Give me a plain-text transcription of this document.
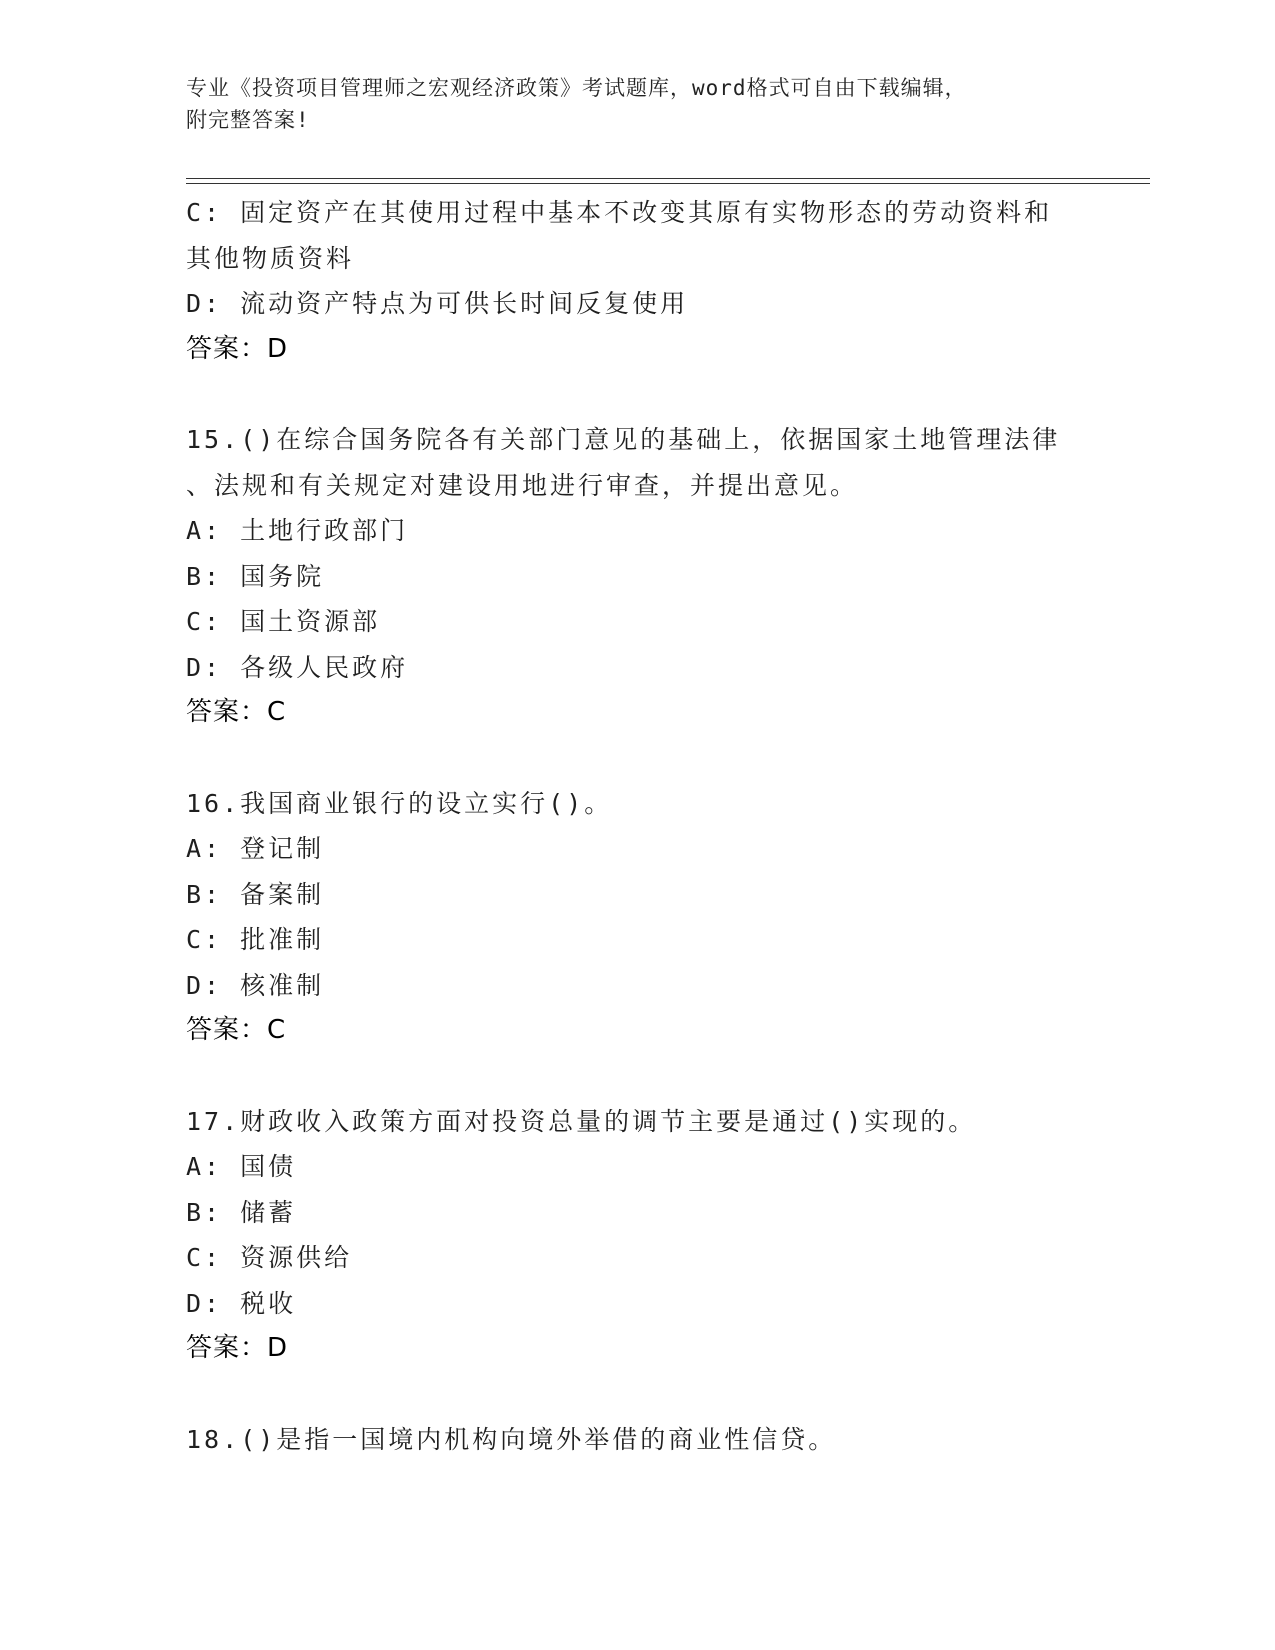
专业《投资项目管理师之宏观经济政策》考试题库，word格式可自由下载编辑，
附完整答案!
C: 固定资产在其使用过程中基本不改变其原有实物形态的劳动资料和
其他物质资料
D: 流动资产特点为可供长时间反复使用
答案：D
15.()在综合国务院各有关部门意见的基础上，依据国家土地管理法律
、法规和有关规定对建设用地进行审查，并提出意见。
A: 土地行政部门
B: 国务院
C: 国土资源部
D: 各级人民政府
答案：C
16.我国商业银行的设立实行()。
A: 登记制
B: 备案制
C: 批准制
D: 核准制
答案：C
17.财政收入政策方面对投资总量的调节主要是通过()实现的。
A: 国债
B: 储蓄
C: 资源供给
D: 税收
答案：D
18.()是指一国境内机构向境外举借的商业性信贷。
